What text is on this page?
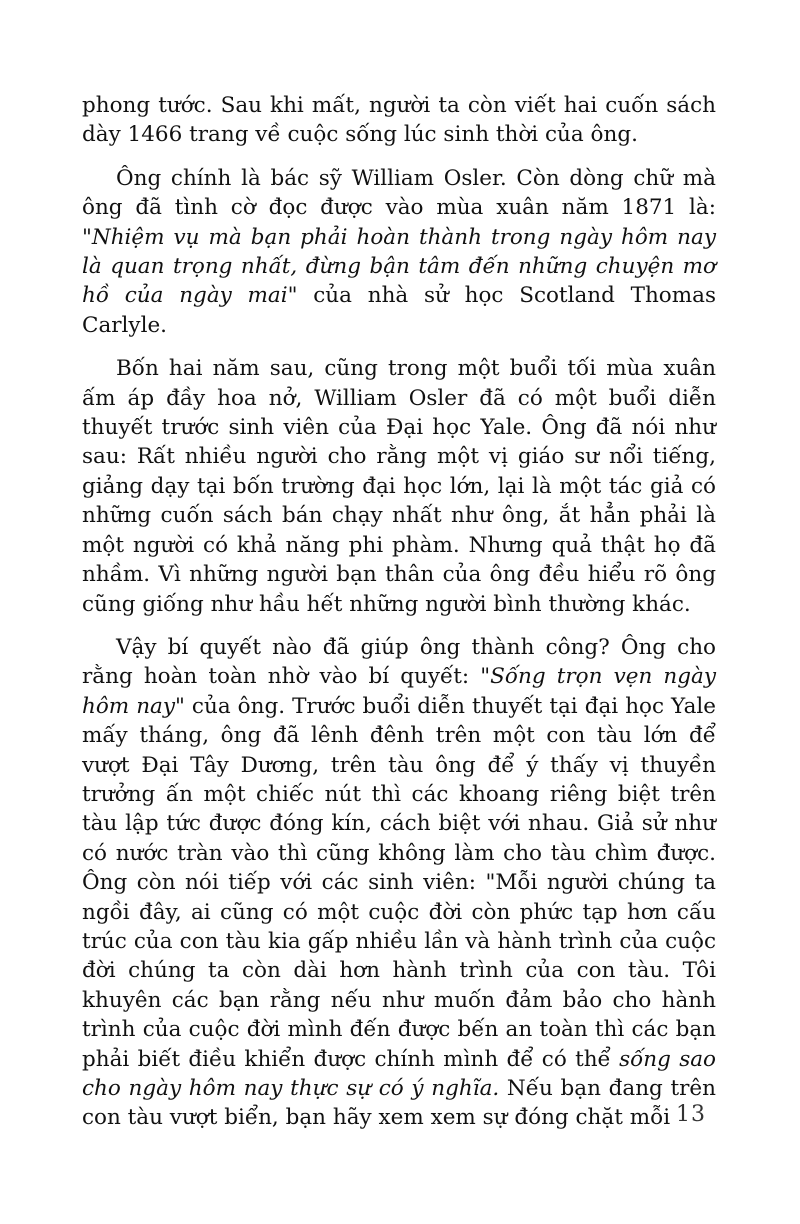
phong tước. Sau khi mất, người ta còn viết hai cuốn sách dày 1466 trang về cuộc sống lúc sinh thời của ông.

Ông chính là bác sỹ William Osler. Còn dòng chữ mà ông đã tình cờ đọc được vào mùa xuân năm 1871 là: "Nhiệm vụ mà bạn phải hoàn thành trong ngày hôm nay là quan trọng nhất, đừng bận tâm đến những chuyện mơ hồ của ngày mai" của nhà sử học Scotland Thomas Carlyle.

Bốn hai năm sau, cũng trong một buổi tối mùa xuân ấm áp đầy hoa nở, William Osler đã có một buổi diễn thuyết trước sinh viên của Đại học Yale. Ông đã nói như sau: Rất nhiều người cho rằng một vị giáo sư nổi tiếng, giảng dạy tại bốn trường đại học lớn, lại là một tác giả có những cuốn sách bán chạy nhất như ông, ắt hẳn phải là một người có khả năng phi phàm. Nhưng quả thật họ đã nhầm. Vì những người bạn thân của ông đều hiểu rõ ông cũng giống như hầu hết những người bình thường khác.

Vậy bí quyết nào đã giúp ông thành công? Ông cho rằng hoàn toàn nhờ vào bí quyết: "Sống trọn vẹn ngày hôm nay" của ông. Trước buổi diễn thuyết tại đại học Yale mấy tháng, ông đã lênh đênh trên một con tàu lớn để vượt Đại Tây Dương, trên tàu ông để ý thấy vị thuyền trưởng ấn một chiếc nút thì các khoang riêng biệt trên tàu lập tức được đóng kín, cách biệt với nhau. Giả sử như có nước tràn vào thì cũng không làm cho tàu chìm được. Ông còn nói tiếp với các sinh viên: "Mỗi người chúng ta ngồi đây, ai cũng có một cuộc đời còn phức tạp hơn cấu trúc của con tàu kia gấp nhiều lần và hành trình của cuộc đời chúng ta còn dài hơn hành trình của con tàu. Tôi khuyên các bạn rằng nếu như muốn đảm bảo cho hành trình của cuộc đời mình đến được bến an toàn thì các bạn phải biết điều khiển được chính mình để có thể sống sao cho ngày hôm nay thực sự có ý nghĩa. Nếu bạn đang trên con tàu vượt biển, bạn hãy xem xem sự đóng chặt mỗi 13
